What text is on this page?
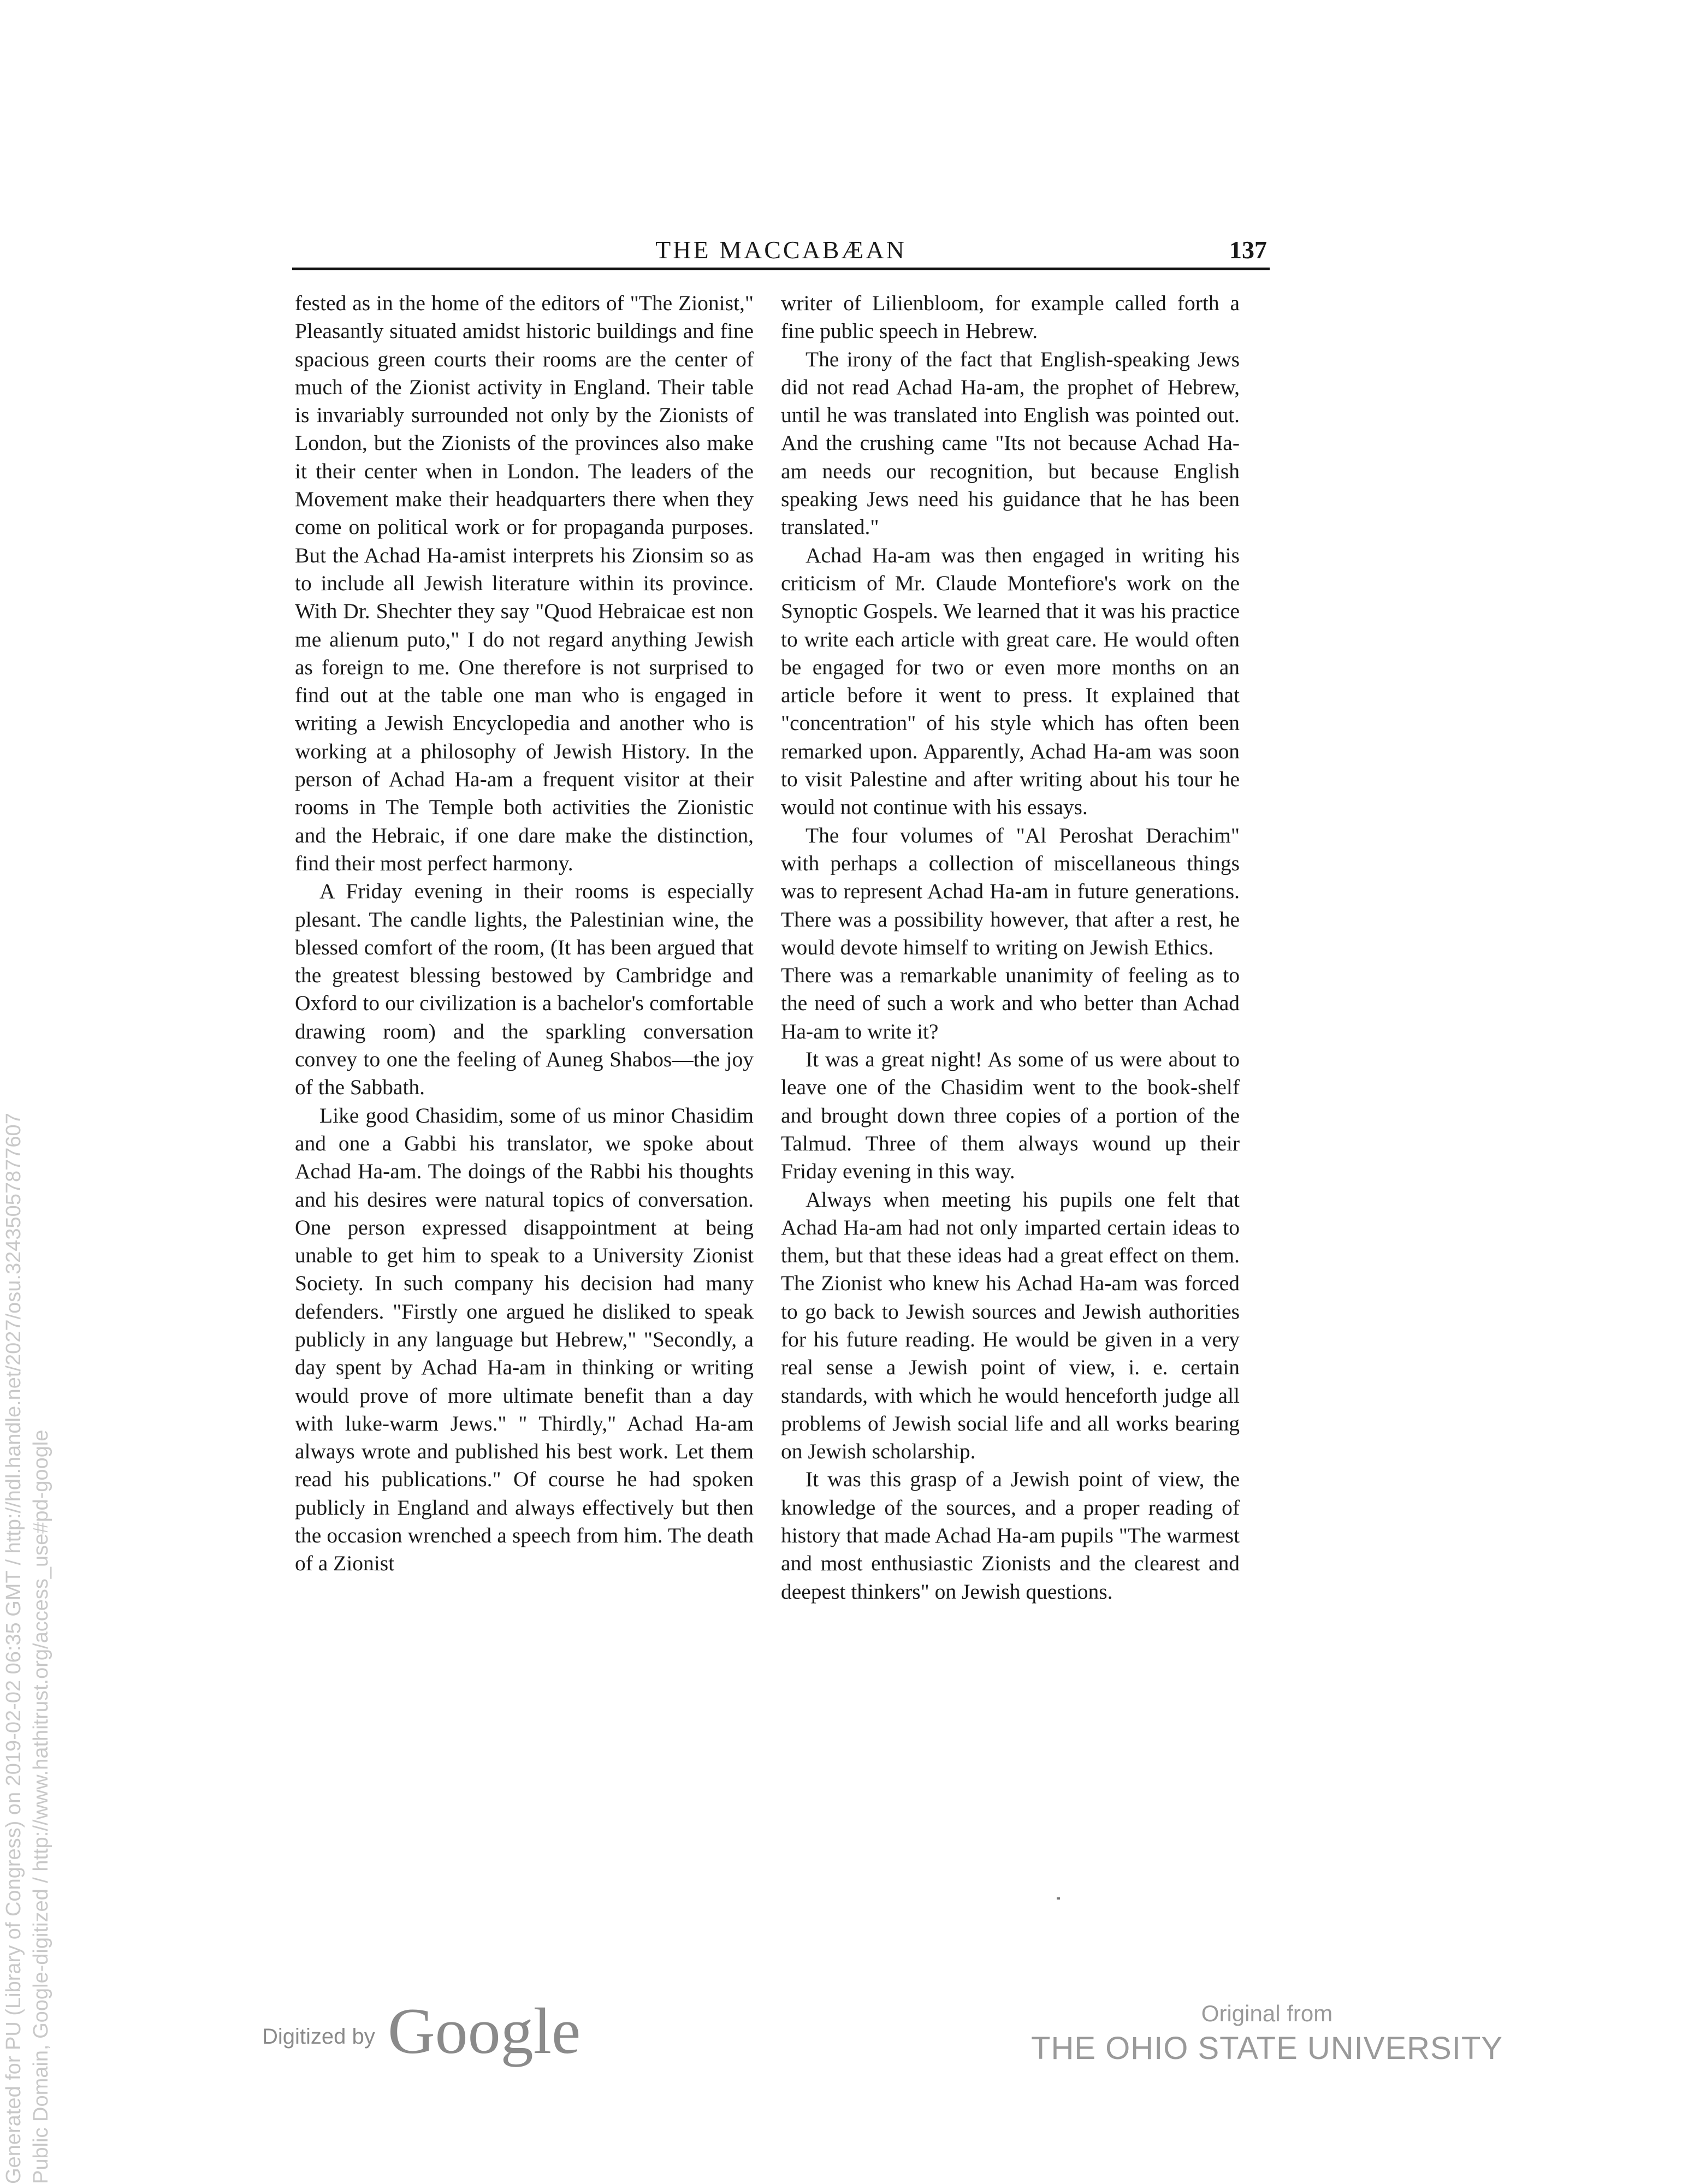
THE MACCABÆAN	137

fested as in the home of the editors of "The Zionist," Pleasantly situated amidst historic buildings and fine spacious green courts their rooms are the center of much of the Zionist activity in England. Their table is invariably surrounded not only by the Zionists of London, but the Zionists of the provinces also make it their center when in London. The leaders of the Movement make their headquarters there when they come on political work or for propaganda purposes. But the Achad Ha-amist interprets his Zionsim so as to include all Jewish literature within its province. With Dr. Shechter they say "Quod Hebraicae est non me alienum puto," I do not regard anything Jewish as foreign to me. One therefore is not surprised to find out at the table one man who is engaged in writing a Jewish Encyclopedia and another who is working at a philosophy of Jewish History. In the person of Achad Ha-am a frequent visitor at their rooms in The Temple both activities the Zionistic and the Hebraic, if one dare make the distinction, find their most perfect harmony.

A Friday evening in their rooms is especially plesant. The candle lights, the Palestinian wine, the blessed comfort of the room, (It has been argued that the greatest blessing bestowed by Cambridge and Oxford to our civilization is a bachelor's comfortable drawing room) and the sparkling conversation convey to one the feeling of Auneg Shabos—the joy of the Sabbath.

Like good Chasidim, some of us minor Chasidim and one a Gabbi his translator, we spoke about Achad Ha-am. The doings of the Rabbi his thoughts and his desires were natural topics of conversation. One person expressed disappointment at being unable to get him to speak to a University Zionist Society. In such company his decision had many defenders. "Firstly one argued he disliked to speak publicly in any language but Hebrew," "Secondly, a day spent by Achad Ha-am in thinking or writing would prove of more ultimate benefit than a day with luke-warm Jews." " Thirdly," Achad Ha-am always wrote and published his best work. Let them read his publications." Of course he had spoken publicly in England and always effectively but then the occasion wrenched a speech from him. The death of a Zionist

writer of Lilienbloom, for example called forth a fine public speech in Hebrew.

The irony of the fact that English-speaking Jews did not read Achad Ha-am, the prophet of Hebrew, until he was translated into English was pointed out. And the crushing came "Its not because Achad Ha-am needs our recognition, but because English speaking Jews need his guidance that he has been translated."

Achad Ha-am was then engaged in writing his criticism of Mr. Claude Montefiore's work on the Synoptic Gospels. We learned that it was his practice to write each article with great care. He would often be engaged for two or even more months on an article before it went to press. It explained that "concentration" of his style which has often been remarked upon. Apparently, Achad Ha-am was soon to visit Palestine and after writing about his tour he would not continue with his essays.

The four volumes of "Al Peroshat Derachim" with perhaps a collection of miscellaneous things was to represent Achad Ha-am in future generations. There was a possibility however, that after a rest, he would devote himself to writing on Jewish Ethics.

There was a remarkable unanimity of feeling as to the need of such a work and who better than Achad Ha-am to write it?

It was a great night! As some of us were about to leave one of the Chasidim went to the book-shelf and brought down three copies of a portion of the Talmud. Three of them always wound up their Friday evening in this way.

Always when meeting his pupils one felt that Achad Ha-am had not only imparted certain ideas to them, but that these ideas had a great effect on them. The Zionist who knew his Achad Ha-am was forced to go back to Jewish sources and Jewish authorities for his future reading. He would be given in a very real sense a Jewish point of view, i. e. certain standards, with which he would henceforth judge all problems of Jewish social life and all works bearing on Jewish scholarship.

It was this grasp of a Jewish point of view, the knowledge of the sources, and a proper reading of history that made Achad Ha-am pupils "The warmest and most enthusiastic Zionists and the clearest and deepest thinkers" on Jewish questions.

Generated for PU (Library of Congress) on 2019-02-02 06:35 GMT / http://hdl.handle.net/2027/osu.32435057877607 Public Domain, Google-digitized / http://www.hathitrust.org/access_use#pd-google	Digitized by Google	Original from
THE OHIO STATE UNIVERSITY
